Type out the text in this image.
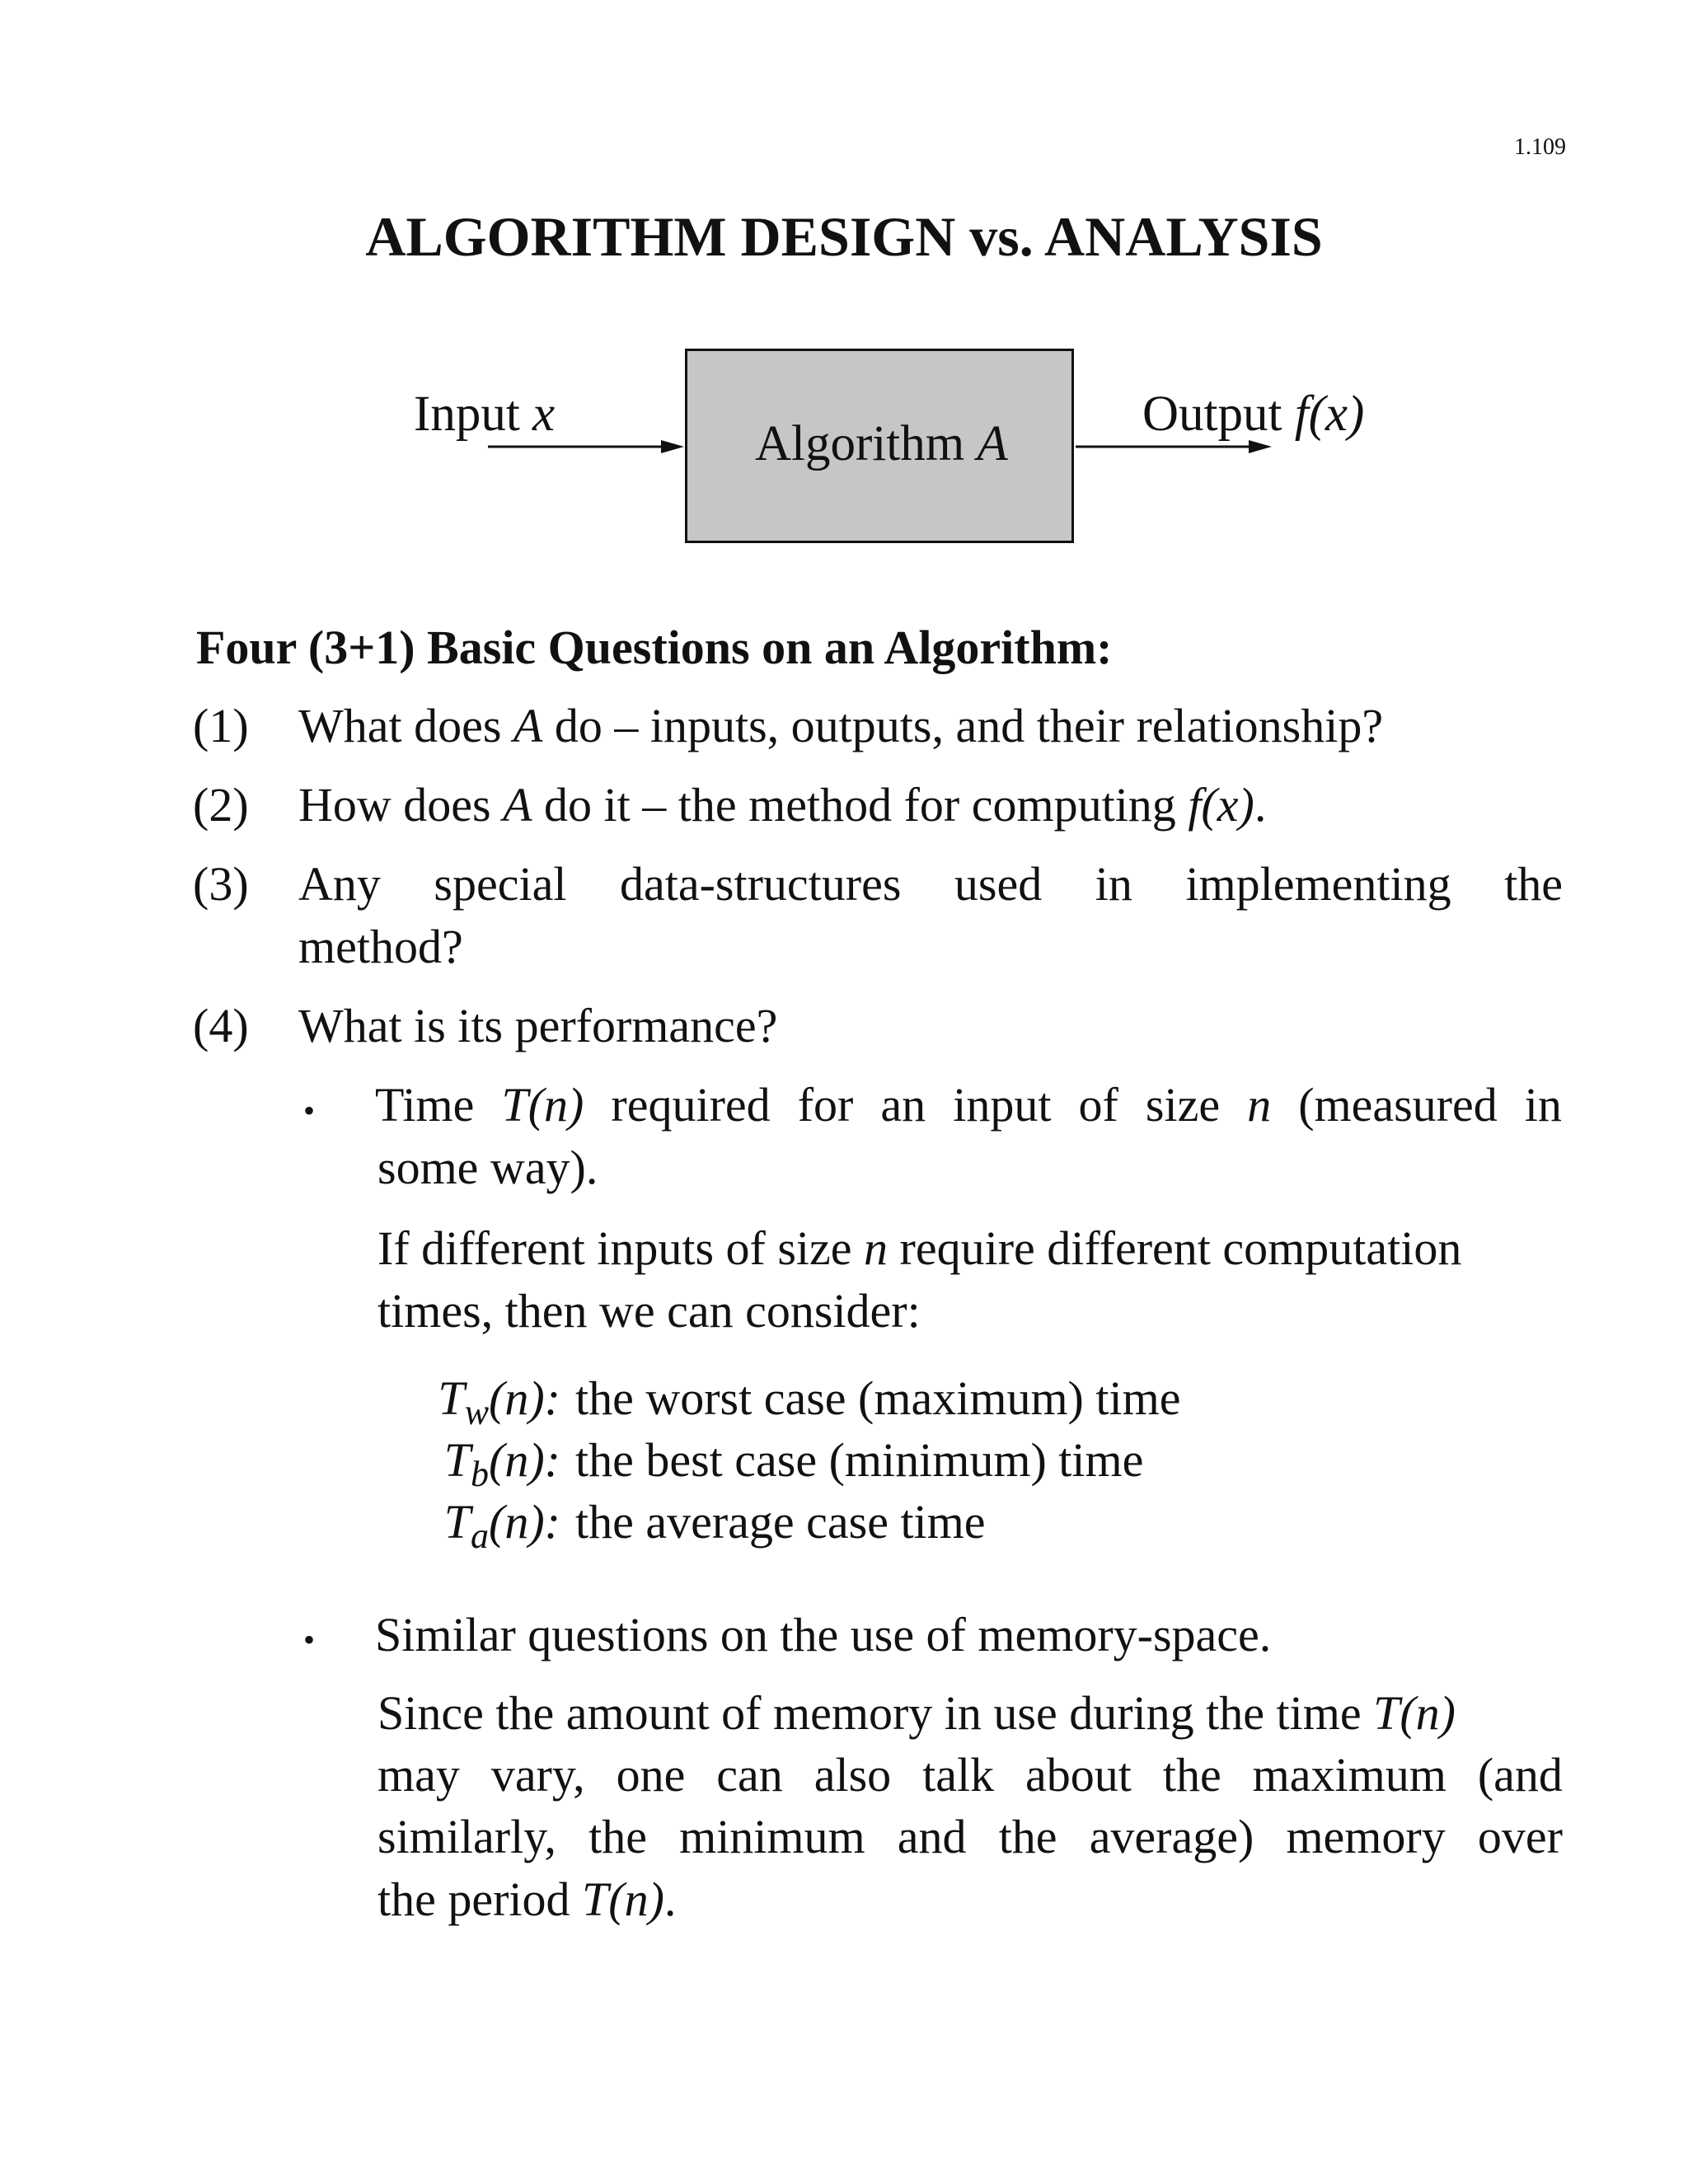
1.109
ALGORITHM DESIGN vs. ANALYSIS
Input x
Algorithm A
Output f(x)
Four (3+1) Basic Questions on an Algorithm:
(1) What does A do – inputs, outputs, and their relationship?
(2) How does A do it – the method for computing f(x).
(3) Any special data-structures used in implementing the
method?
(4) What is its performance?
• Time T(n) required for an input of size n (measured in
some way).
If different inputs of size n require different computation
times, then we can consider:
$T_w(n)$: the worst case (maximum) time
$T_b(n)$: the best case (minimum) time
$T_a(n)$: the average case time
• Similar questions on the use of memory-space.
Since the amount of memory in use during the time T(n)
may vary, one can also talk about the maximum (and
similarly, the minimum and the average) memory over
the period T(n).
